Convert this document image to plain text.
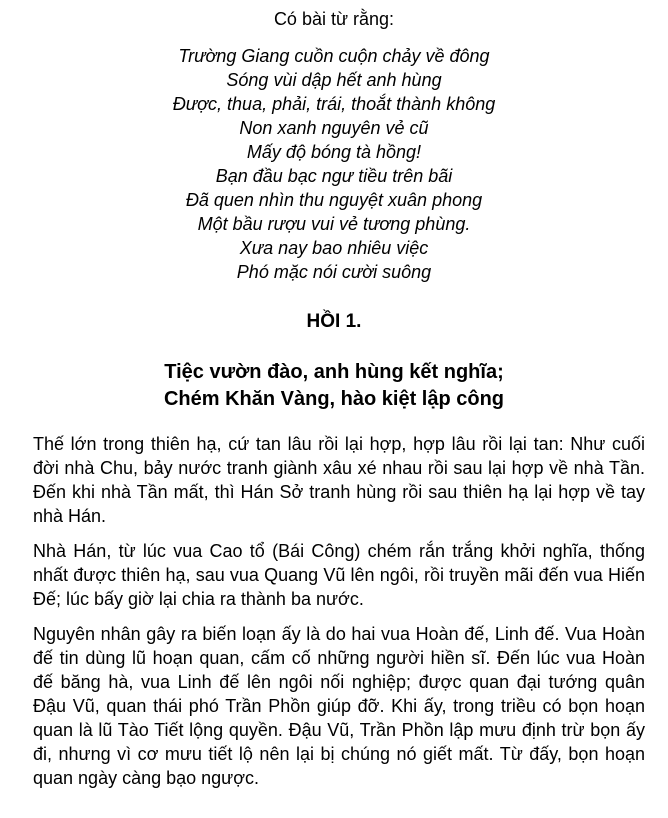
Có bài từ rằng:
Trường Giang cuồn cuộn chảy về đông
Sóng vùi dập hết anh hùng
Được, thua, phải, trái, thoắt thành không
Non xanh nguyên vẻ cũ
Mấy độ bóng tà hồng!
Bạn đầu bạc ngư tiều trên bãi
Đã quen nhìn thu nguyệt xuân phong
Một bầu rượu vui vẻ tương phùng.
Xưa nay bao nhiêu việc
Phó mặc nói cười suông
HỒI 1.
Tiệc vườn đào, anh hùng kết nghĩa;
Chém Khăn Vàng, hào kiệt lập công

Thế lớn trong thiên hạ, cứ tan lâu rồi lại hợp, hợp lâu rồi lại tan: Như cuối đời nhà Chu, bảy nước tranh giành xâu xé nhau rồi sau lại hợp về nhà Tần. Đến khi nhà Tần mất, thì Hán Sở tranh hùng rồi sau thiên hạ lại hợp về tay nhà Hán.

Nhà Hán, từ lúc vua Cao tổ (Bái Công) chém rắn trắng khởi nghĩa, thống nhất được thiên hạ, sau vua Quang Vũ lên ngôi, rồi truyền mãi đến vua Hiến Đế; lúc bấy giờ lại chia ra thành ba nước.

Nguyên nhân gây ra biến loạn ấy là do hai vua Hoàn đế, Linh đế. Vua Hoàn đế tin dùng lũ hoạn quan, cấm cố những người hiền sĩ. Đến lúc vua Hoàn đế băng hà, vua Linh đế lên ngôi nối nghiệp; được quan đại tướng quân Đậu Vũ, quan thái phó Trần Phồn giúp đỡ. Khi ấy, trong triều có bọn hoạn quan là lũ Tào Tiết lộng quyền. Đậu Vũ, Trần Phồn lập mưu định trừ bọn ấy đi, nhưng vì cơ mưu tiết lộ nên lại bị chúng nó giết mất. Từ đấy, bọn hoạn quan ngày càng bạo ngược.
